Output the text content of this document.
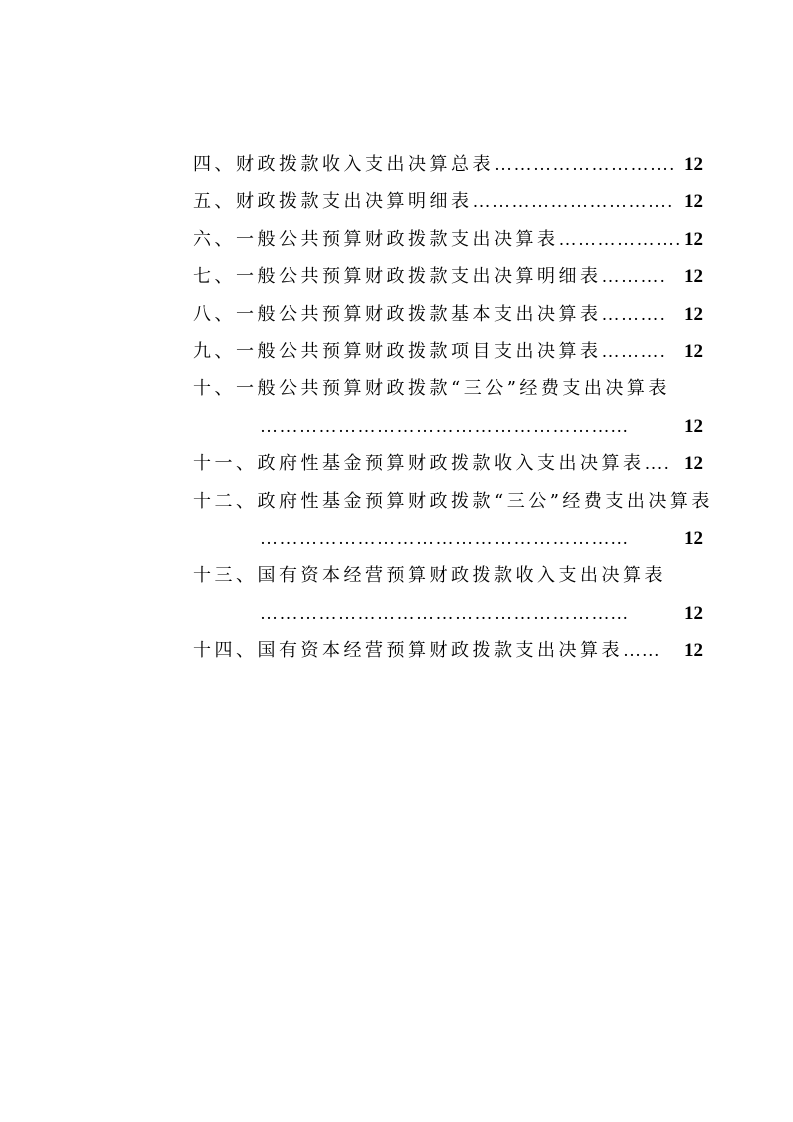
四、财政拨款收入支出决算总表 ………………………. 12
五、财政拨款支出决算明细表 …………………………. 12
六、一般公共预算财政拨款支出决算表 ………………. 12
七、一般公共预算财政拨款支出决算明细表 ………. 12
八、一般公共预算财政拨款基本支出决算表 ………. 12
九、一般公共预算财政拨款项目支出决算表 ………. 12
十、一般公共预算财政拨款“三公”经费支出决算表
………………………………………………...	12
十一、政府性基金预算财政拨款收入支出决算表 …. 12
十二、政府性基金预算财政拨款“三公”经费支出决算表
………………………………………………...	12
十三、国有资本经营预算财政拨款收入支出决算表
………………………………………………...	12
十四、国有资本经营预算财政拨款支出决算表 …...	12
